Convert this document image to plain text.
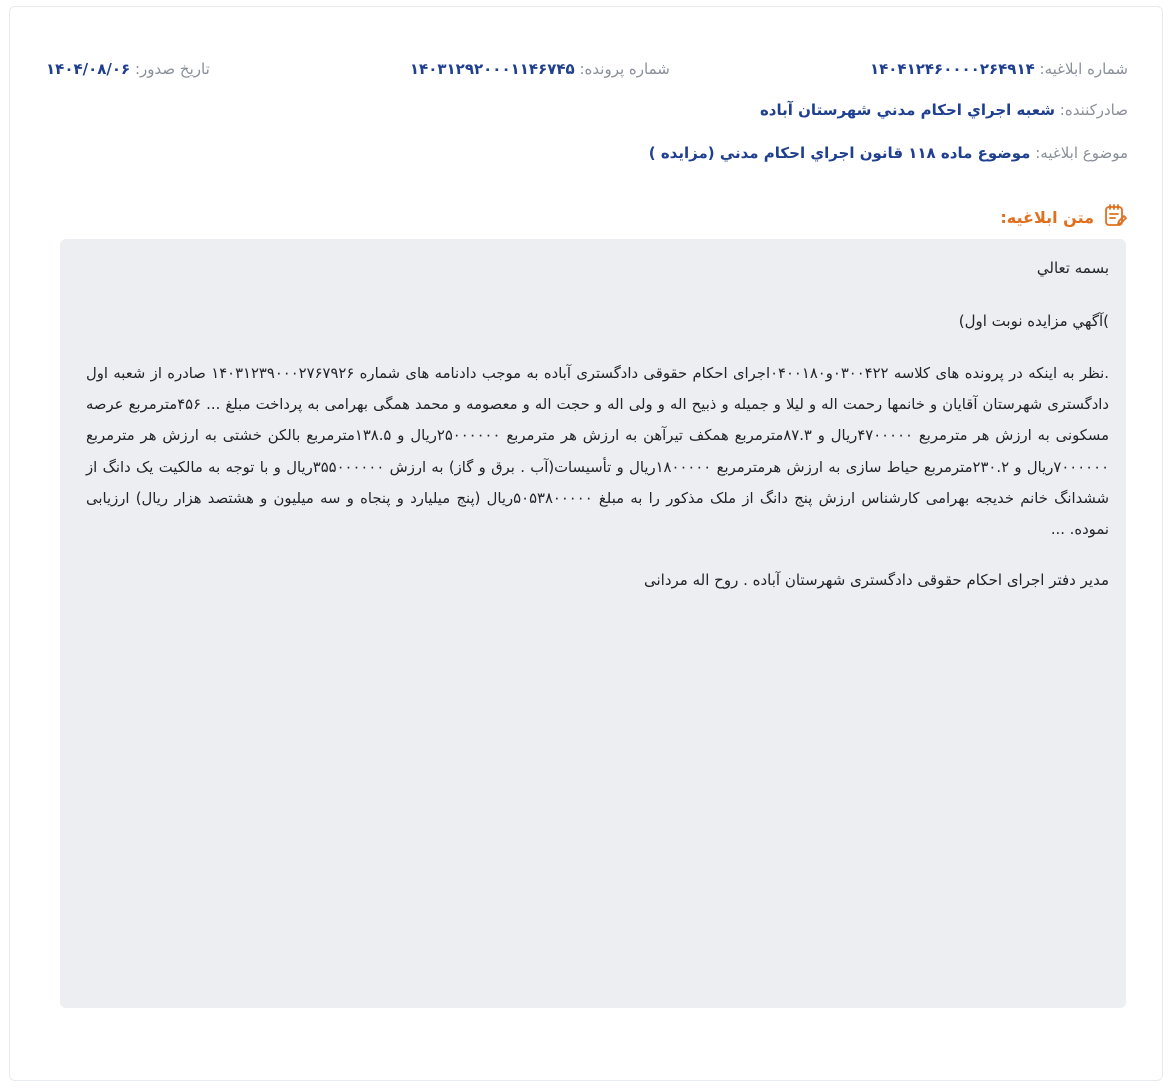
شماره ابلاغیه: ۱۴۰۴۱۲۴۶۰۰۰۰۲۶۴۹۱۴
شماره پرونده: ۱۴۰۳۱۲۹۲۰۰۰۱۱۴۶۷۴۵
تاریخ صدور: ۱۴۰۴/۰۸/۰۶
صادرکننده: شعبه اجراي احكام مدني شهرستان آباده
موضوع ابلاغیه: موضوع ماده ۱۱۸ قانون اجراي احكام مدني (مزايده )
متن ابلاغیه:

بسمه تعالي

)آگهي مزايده نوبت اول)

.نظر به اينكه در پرونده های كلاسه ۰۳۰۰۴۲۲و۰۴۰۰۱۸۰اجرای احکام حقوقی دادگستری آباده به موجب دادنامه های شماره ۱۴۰۳۱۲۳۹۰۰۰۲۷۶۷۹۲۶ صادره از شعبه اول دادگستری شهرستان آقايان و خانمها رحمت اله و ليلا و جميله و ذبيح اله و ولی اله و حجت اله و معصومه و محمد همگی بهرامی به پرداخت مبلغ ... ۴۵۶مترمربع عرصه مسكونی به ارزش هر مترمربع ۴۷۰۰۰۰۰ريال و ۸۷.۳مترمربع همكف تيرآهن به ارزش هر مترمربع ۲۵۰۰۰۰۰۰ريال و ۱۳۸.۵مترمربع بالكن خشتی به ارزش هر مترمربع ۷۰۰۰۰۰۰ريال و ۲۳۰.۲مترمربع حياط سازی به ارزش هرمترمربع ۱۸۰۰۰۰۰ريال و تأسيسات(آب . برق و گاز) به ارزش ۳۵۵۰۰۰۰۰۰ريال و با توجه به مالكيت يک دانگ از ششدانگ خانم خديجه بهرامی كارشناس ارزش پنج دانگ از ملک مذكور را به مبلغ ۵۰۵۳۸۰۰۰۰۰ريال (پنج ميليارد و پنجاه و سه ميليون و هشتصد هزار ريال) ارزيابی نموده. ...

مدير دفتر اجرای احكام حقوقی دادگستری شهرستان آباده . روح اله مردانی
